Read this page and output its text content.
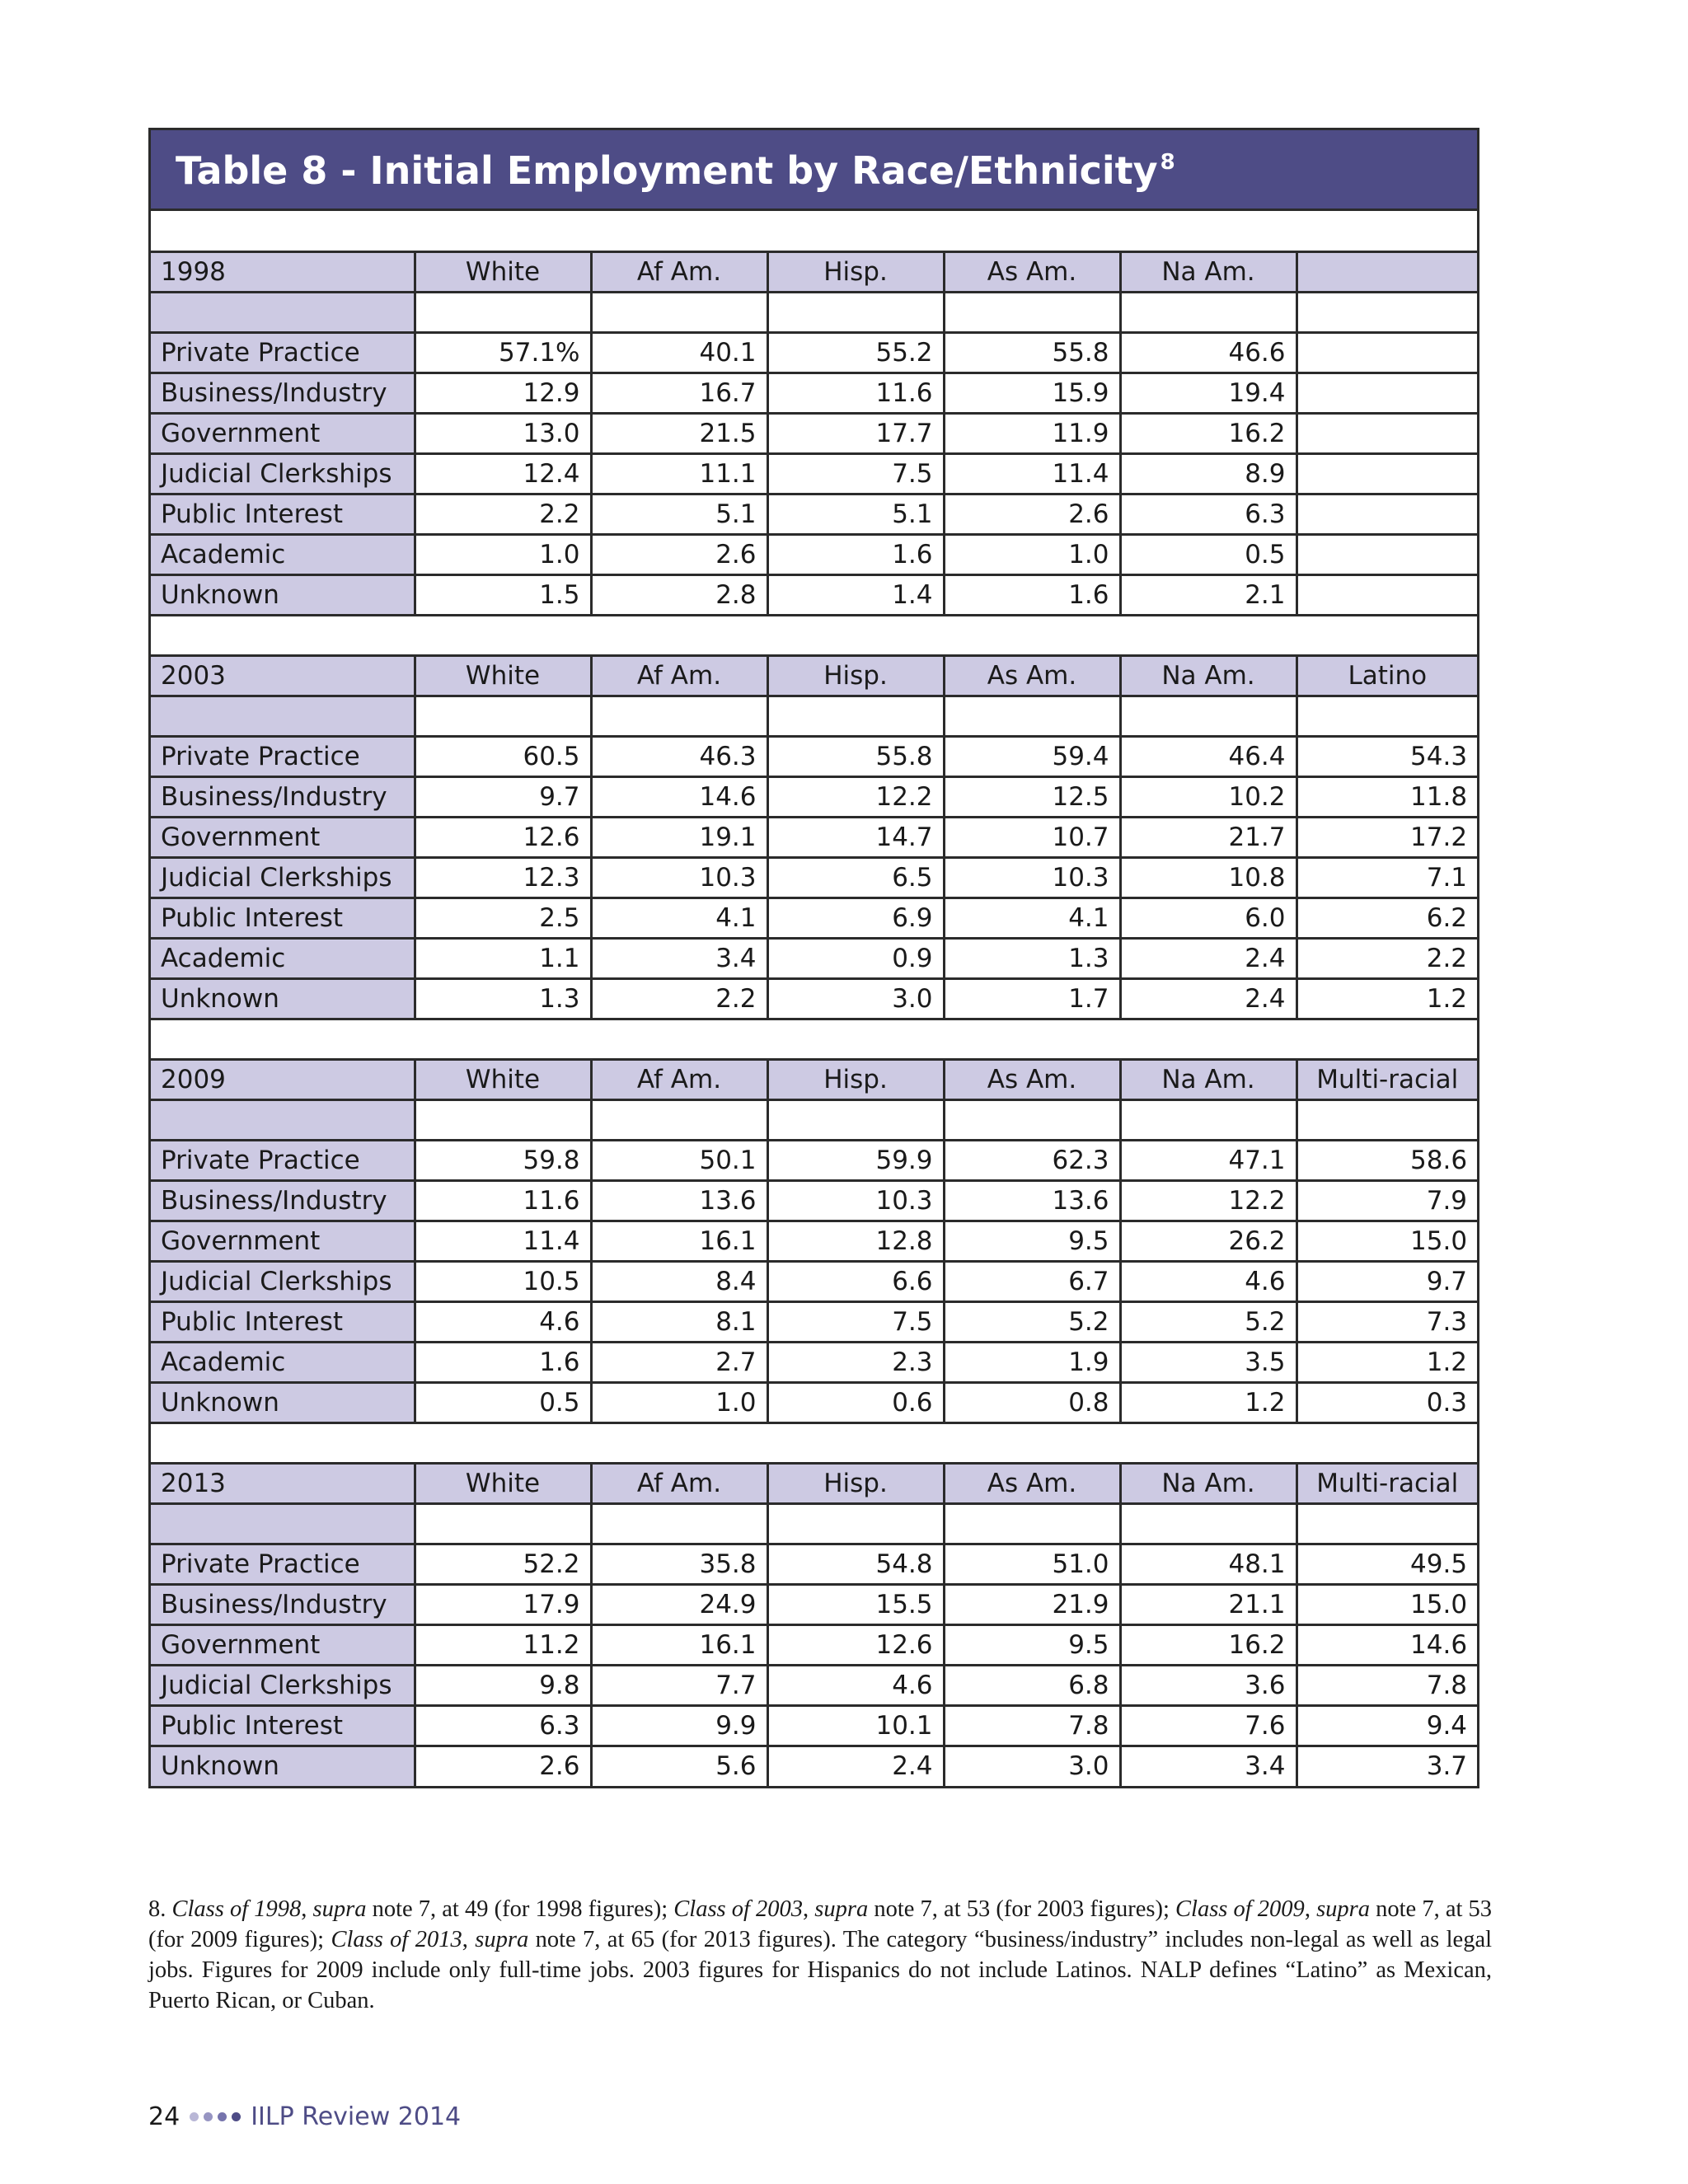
Table 8 - Initial Employment by Race/Ethnicity $^8$

1998	White	Af Am.	Hisp.	As Am.	Na Am.	

Private Practice	57.1%	40.1	55.2	55.8	46.6	
Business/Industry	12.9	16.7	11.6	15.9	19.4	
Government	13.0	21.5	17.7	11.9	16.2	
Judicial Clerkships	12.4	11.1	7.5	11.4	8.9	
Public Interest	2.2	5.1	5.1	2.6	6.3	
Academic	1.0	2.6	1.6	1.0	0.5	
Unknown	1.5	2.8	1.4	1.6	2.1	

2003	White	Af Am.	Hisp.	As Am.	Na Am.	Latino

Private Practice	60.5	46.3	55.8	59.4	46.4	54.3
Business/Industry	9.7	14.6	12.2	12.5	10.2	11.8
Government	12.6	19.1	14.7	10.7	21.7	17.2
Judicial Clerkships	12.3	10.3	6.5	10.3	10.8	7.1
Public Interest	2.5	4.1	6.9	4.1	6.0	6.2
Academic	1.1	3.4	0.9	1.3	2.4	2.2
Unknown	1.3	2.2	3.0	1.7	2.4	1.2

2009	White	Af Am.	Hisp.	As Am.	Na Am.	Multi-racial

Private Practice	59.8	50.1	59.9	62.3	47.1	58.6
Business/Industry	11.6	13.6	10.3	13.6	12.2	7.9
Government	11.4	16.1	12.8	9.5	26.2	15.0
Judicial Clerkships	10.5	8.4	6.6	6.7	4.6	9.7
Public Interest	4.6	8.1	7.5	5.2	5.2	7.3
Academic	1.6	2.7	2.3	1.9	3.5	1.2
Unknown	0.5	1.0	0.6	0.8	1.2	0.3

2013	White	Af Am.	Hisp.	As Am.	Na Am.	Multi-racial

Private Practice	52.2	35.8	54.8	51.0	48.1	49.5
Business/Industry	17.9	24.9	15.5	21.9	21.1	15.0
Government	11.2	16.1	12.6	9.5	16.2	14.6
Judicial Clerkships	9.8	7.7	4.6	6.8	3.6	7.8
Public Interest	6.3	9.9	10.1	7.8	7.6	9.4
Unknown	2.6	5.6	2.4	3.0	3.4	3.7
8. Class of 1998, supra note 7, at 49 (for 1998 figures); Class of 2003, supra note 7, at 53 (for 2003 figures); Class of 2009, supra note 7, at 53 (for 2009 figures); Class of 2013, supra note 7, at 65 (for 2013 figures). The category “business/industry” includes non-legal as well as legal jobs. Figures for 2009 include only full-time jobs. 2003 figures for Hispanics do not include Latinos. NALP defines “Latino” as Mexican, Puerto Rican, or Cuban.
24	IILP Review 2014
